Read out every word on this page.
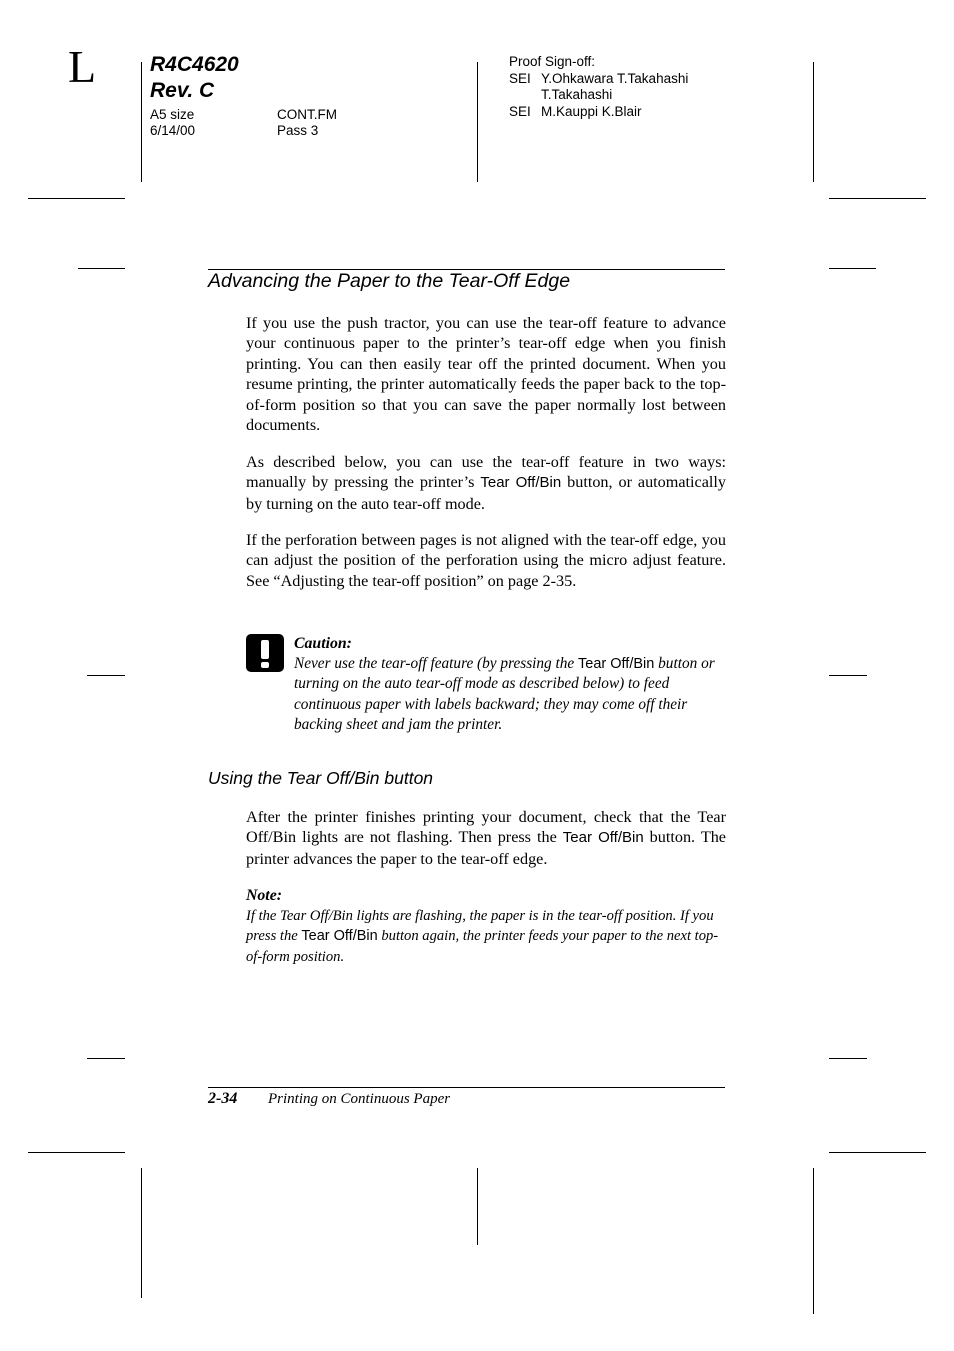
L	R4C4620
Rev. C
A5 size	CONT.FM
6/14/00	Pass 3
Proof Sign-off:
SEI Y.Ohkawara T.Takahashi
T.Takahashi
SEI M.Kauppi K.Blair
Advancing the Paper to the Tear-Off Edge
If you use the push tractor, you can use the tear-off feature to advance your continuous paper to the printer’s tear-off edge when you finish printing. You can then easily tear off the printed document. When you resume printing, the printer automatically feeds the paper back to the top-of-form position so that you can save the paper normally lost between documents.
As described below, you can use the tear-off feature in two ways: manually by pressing the printer’s Tear Off/Bin button, or automatically by turning on the auto tear-off mode.
If the perforation between pages is not aligned with the tear-off edge, you can adjust the position of the perforation using the micro adjust feature. See “Adjusting the tear-off position” on page 2-35.
Caution:
Never use the tear-off feature (by pressing the Tear Off/Bin button or turning on the auto tear-off mode as described below) to feed continuous paper with labels backward; they may come off their backing sheet and jam the printer.
Using the Tear Off/Bin button
After the printer finishes printing your document, check that the Tear Off/Bin lights are not flashing. Then press the Tear Off/Bin button. The printer advances the paper to the tear-off edge.
Note:
If the Tear Off/Bin lights are flashing, the paper is in the tear-off position. If you press the Tear Off/Bin button again, the printer feeds your paper to the next top-of-form position.
2-34 Printing on Continuous Paper
